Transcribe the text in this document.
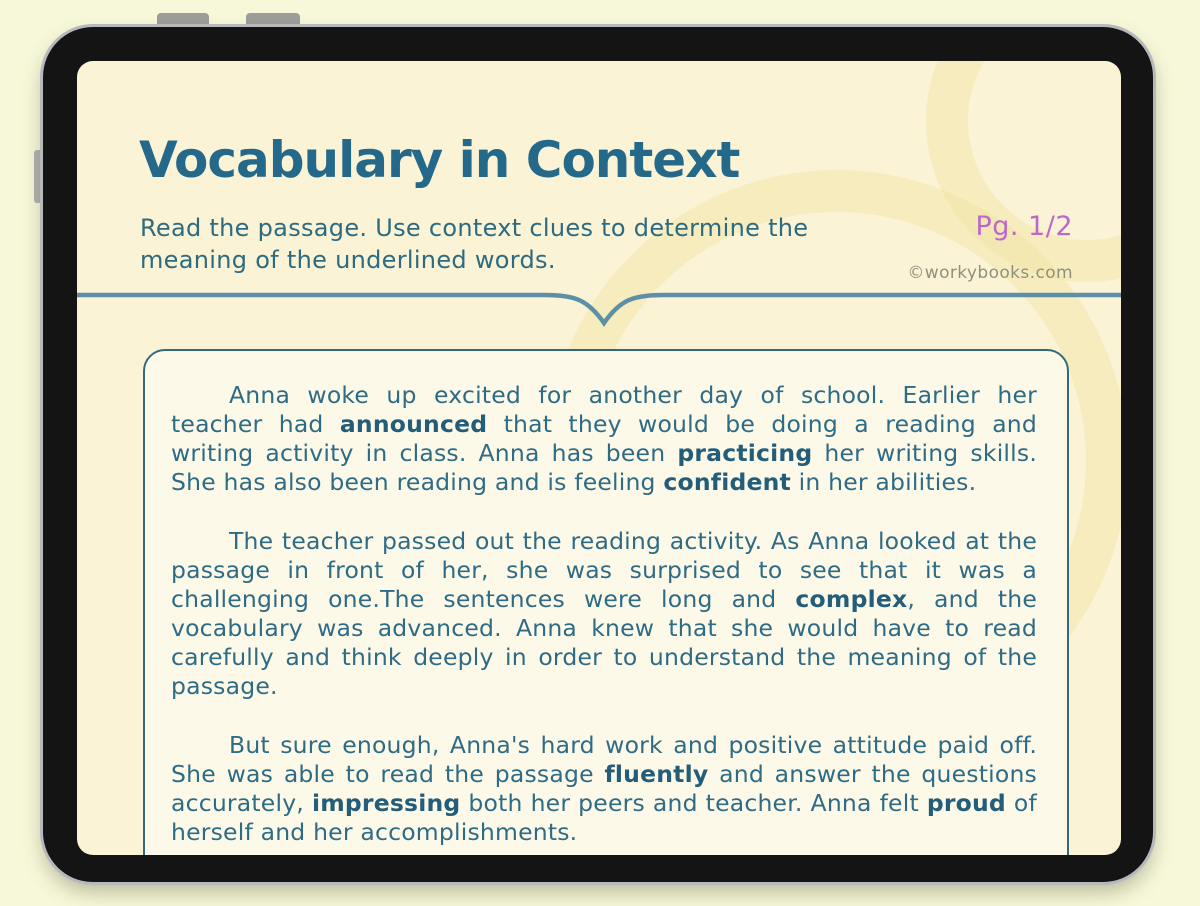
Vocabulary in Context
Read the passage. Use context clues to determine the meaning of the underlined words.
Pg. 1/2
©workybooks.com

Anna woke up excited for another day of school. Earlier her teacher had announced that they would be doing a reading and writing activity in class. Anna has been practicing her writing skills. She has also been reading and is feeling confident in her abilities.

The teacher passed out the reading activity. As Anna looked at the passage in front of her, she was surprised to see that it was a challenging one.The sentences were long and complex, and the vocabulary was advanced. Anna knew that she would have to read carefully and think deeply in order to understand the meaning of the passage.

But sure enough, Anna's hard work and positive attitude paid off. She was able to read the passage fluently and answer the questions accurately, impressing both her peers and teacher. Anna felt proud of herself and her accomplishments.
